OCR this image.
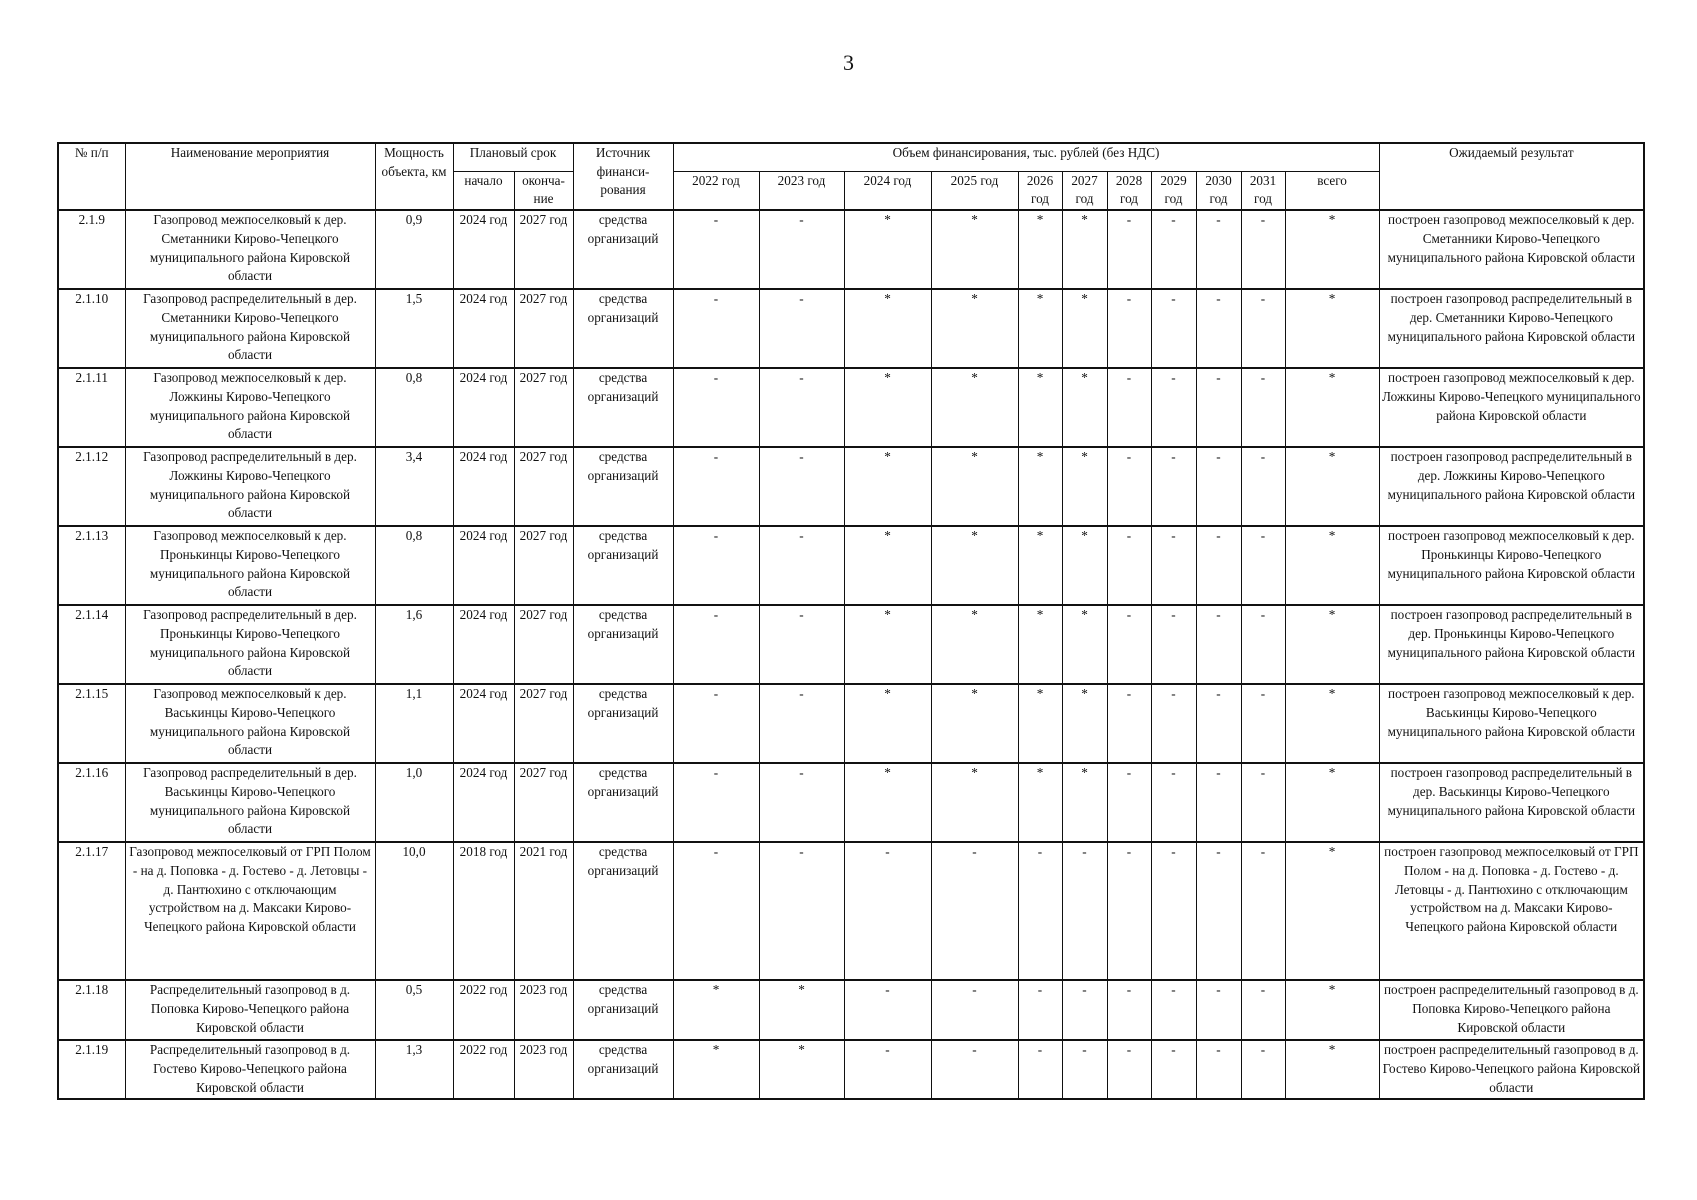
3
№ п/п	Наименование мероприятия	Мощность объекта, км	Плановый срок		Источник финанси-рования	Объем финансирования, тыс. рублей (без НДС)											Ожидаемый результат
			начало	оконча-ние		2022 год	2023 год	2024 год	2025 год	2026 год	2027 год	2028 год	2029 год	2030 год	2031 год	всего	
2.1.9	Газопровод межпоселковый к дер. Сметанники Кирово-Чепецкого муниципального района Кировской области	0,9	2024 год	2027 год	средства организаций	-	-	*	*	*	*	-	-	-	-	*	построен газопровод межпоселковый к дер. Сметанники Кирово-Чепецкого муниципального района Кировской области
2.1.10	Газопровод распределительный в дер. Сметанники Кирово-Чепецкого муниципального района Кировской области	1,5	2024 год	2027 год	средства организаций	-	-	*	*	*	*	-	-	-	-	*	построен газопровод распределительный в дер. Сметанники Кирово-Чепецкого муниципального района Кировской области
2.1.11	Газопровод межпоселковый к дер. Ложкины Кирово-Чепецкого муниципального района Кировской области	0,8	2024 год	2027 год	средства организаций	-	-	*	*	*	*	-	-	-	-	*	построен газопровод межпоселковый к дер. Ложкины Кирово-Чепецкого муниципального района Кировской области
2.1.12	Газопровод распределительный в дер. Ложкины Кирово-Чепецкого муниципального района Кировской области	3,4	2024 год	2027 год	средства организаций	-	-	*	*	*	*	-	-	-	-	*	построен газопровод распределительный в дер. Ложкины Кирово-Чепецкого муниципального района Кировской области
2.1.13	Газопровод межпоселковый к дер. Пронькинцы Кирово-Чепецкого муниципального района Кировской области	0,8	2024 год	2027 год	средства организаций	-	-	*	*	*	*	-	-	-	-	*	построен газопровод межпоселковый к дер. Пронькинцы Кирово-Чепецкого муниципального района Кировской области
2.1.14	Газопровод распределительный в дер. Пронькинцы Кирово-Чепецкого муниципального района Кировской области	1,6	2024 год	2027 год	средства организаций	-	-	*	*	*	*	-	-	-	-	*	построен газопровод распределительный в дер. Пронькинцы Кирово-Чепецкого муниципального района Кировской области
2.1.15	Газопровод межпоселковый к дер. Васькинцы Кирово-Чепецкого муниципального района Кировской области	1,1	2024 год	2027 год	средства организаций	-	-	*	*	*	*	-	-	-	-	*	построен газопровод межпоселковый к дер. Васькинцы Кирово-Чепецкого муниципального района Кировской области
2.1.16	Газопровод распределительный в дер. Васькинцы Кирово-Чепецкого муниципального района Кировской области	1,0	2024 год	2027 год	средства организаций	-	-	*	*	*	*	-	-	-	-	*	построен газопровод распределительный в дер. Васькинцы Кирово-Чепецкого муниципального района Кировской области
2.1.17	Газопровод межпоселковый от ГРП Полом - на д. Поповка - д. Гостево - д. Летовцы - д. Пантюхино с отключающим устройством на д. Максаки Кирово-Чепецкого района Кировской области	10,0	2018 год	2021 год	средства организаций	-	-	-	-	-	-	-	-	-	-	*	построен газопровод межпоселковый от ГРП Полом - на д. Поповка - д. Гостево - д. Летовцы - д. Пантюхино с отключающим устройством на д. Максаки Кирово-Чепецкого района Кировской области
2.1.18	Распределительный газопровод в д. Поповка Кирово-Чепецкого района Кировской области	0,5	2022 год	2023 год	средства организаций	*	*	-	-	-	-	-	-	-	-	*	построен распределительный газопровод в д. Поповка Кирово-Чепецкого района Кировской области
2.1.19	Распределительный газопровод в д. Гостево Кирово-Чепецкого района Кировской области	1,3	2022 год	2023 год	средства организаций	*	*	-	-	-	-	-	-	-	-	*	построен распределительный газопровод в д. Гостево Кирово-Чепецкого района Кировской области
